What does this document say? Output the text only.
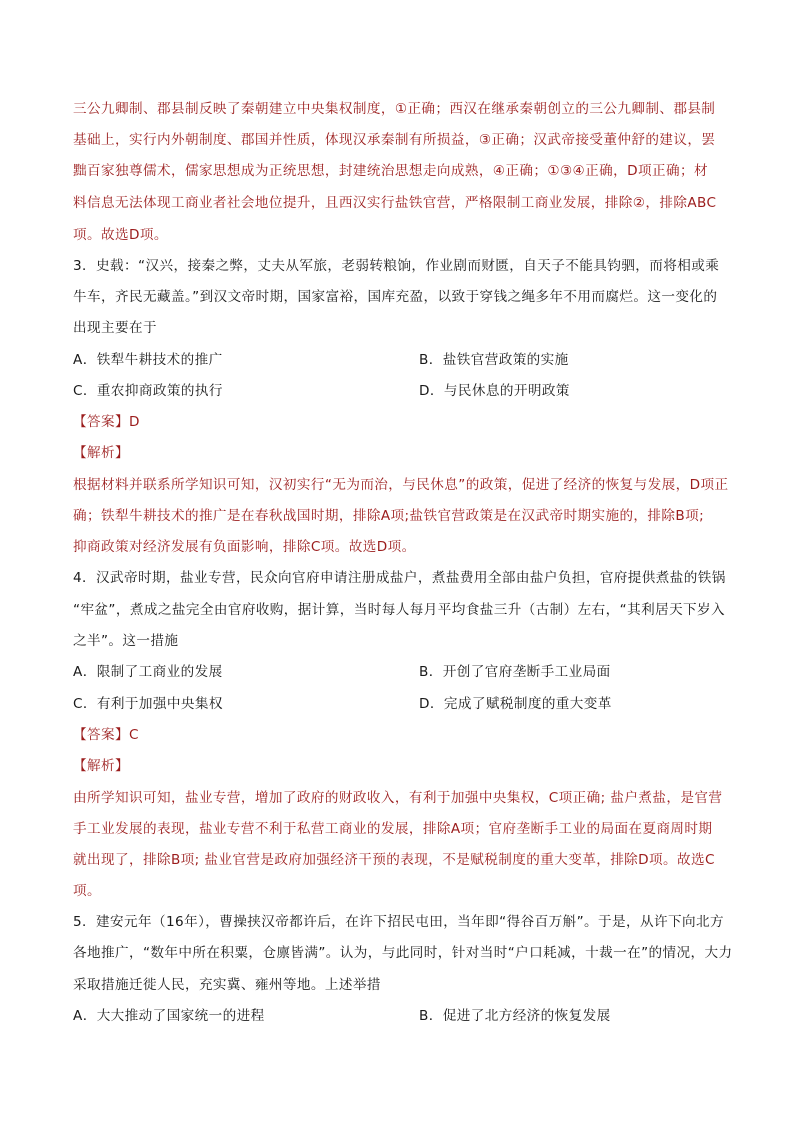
三公九卿制、郡县制反映了秦朝建立中央集权制度，①正确；西汉在继承秦朝创立的三公九卿制、郡县制
基础上，实行内外朝制度、郡国并性质，体现汉承秦制有所损益，③正确；汉武帝接受董仲舒的建议，罢
黜百家独尊儒术，儒家思想成为正统思想，封建统治思想走向成熟，④正确；①③④正确，D项正确；材
料信息无法体现工商业者社会地位提升，且西汉实行盐铁官营，严格限制工商业发展，排除②，排除ABC
项。故选D项。
3．史载：“汉兴，接秦之弊，丈夫从军旅，老弱转粮饷，作业剧而财匮，自天子不能具钧驷，而将相或乘
牛车，齐民无藏盖。”到汉文帝时期，国家富裕，国库充盈，以致于穿钱之绳多年不用而腐烂。这一变化的
出现主要在于
A．铁犁牛耕技术的推广	B．盐铁官营政策的实施
C．重农抑商政策的执行	D．与民休息的开明政策
【答案】D
【解析】
根据材料并联系所学知识可知，汉初实行“无为而治，与民休息”的政策，促进了经济的恢复与发展，D项正
确；铁犁牛耕技术的推广是在春秋战国时期，排除A项;盐铁官营政策是在汉武帝时期实施的，排除B项;
抑商政策对经济发展有负面影响，排除C项。故选D项。
4．汉武帝时期，盐业专营，民众向官府申请注册成盐户，煮盐费用全部由盐户负担，官府提供煮盐的铁锅
“牢盆”，煮成之盐完全由官府收购，据计算，当时每人每月平均食盐三升（古制）左右，“其利居天下岁入
之半”。这一措施
A．限制了工商业的发展	B．开创了官府垄断手工业局面
C．有利于加强中央集权	D．完成了赋税制度的重大变革
【答案】C
【解析】
由所学知识可知，盐业专营，增加了政府的财政收入，有利于加强中央集权，C项正确; 盐户煮盐，是官营
手工业发展的表现，盐业专营不利于私营工商业的发展，排除A项；官府垄断手工业的局面在夏商周时期
就出现了，排除B项; 盐业官营是政府加强经济干预的表现，不是赋税制度的重大变革，排除D项。故选C
项。
5．建安元年（16年），曹操挟汉帝都许后，在许下招民屯田，当年即“得谷百万斛”。于是，从许下向北方
各地推广，“数年中所在积粟，仓廪皆满”。认为，与此同时，针对当时“户口耗减，十裁一在”的情况，大力
采取措施迁徙人民，充实冀、雍州等地。上述举措
A．大大推动了国家统一的进程	B．促进了北方经济的恢复发展
